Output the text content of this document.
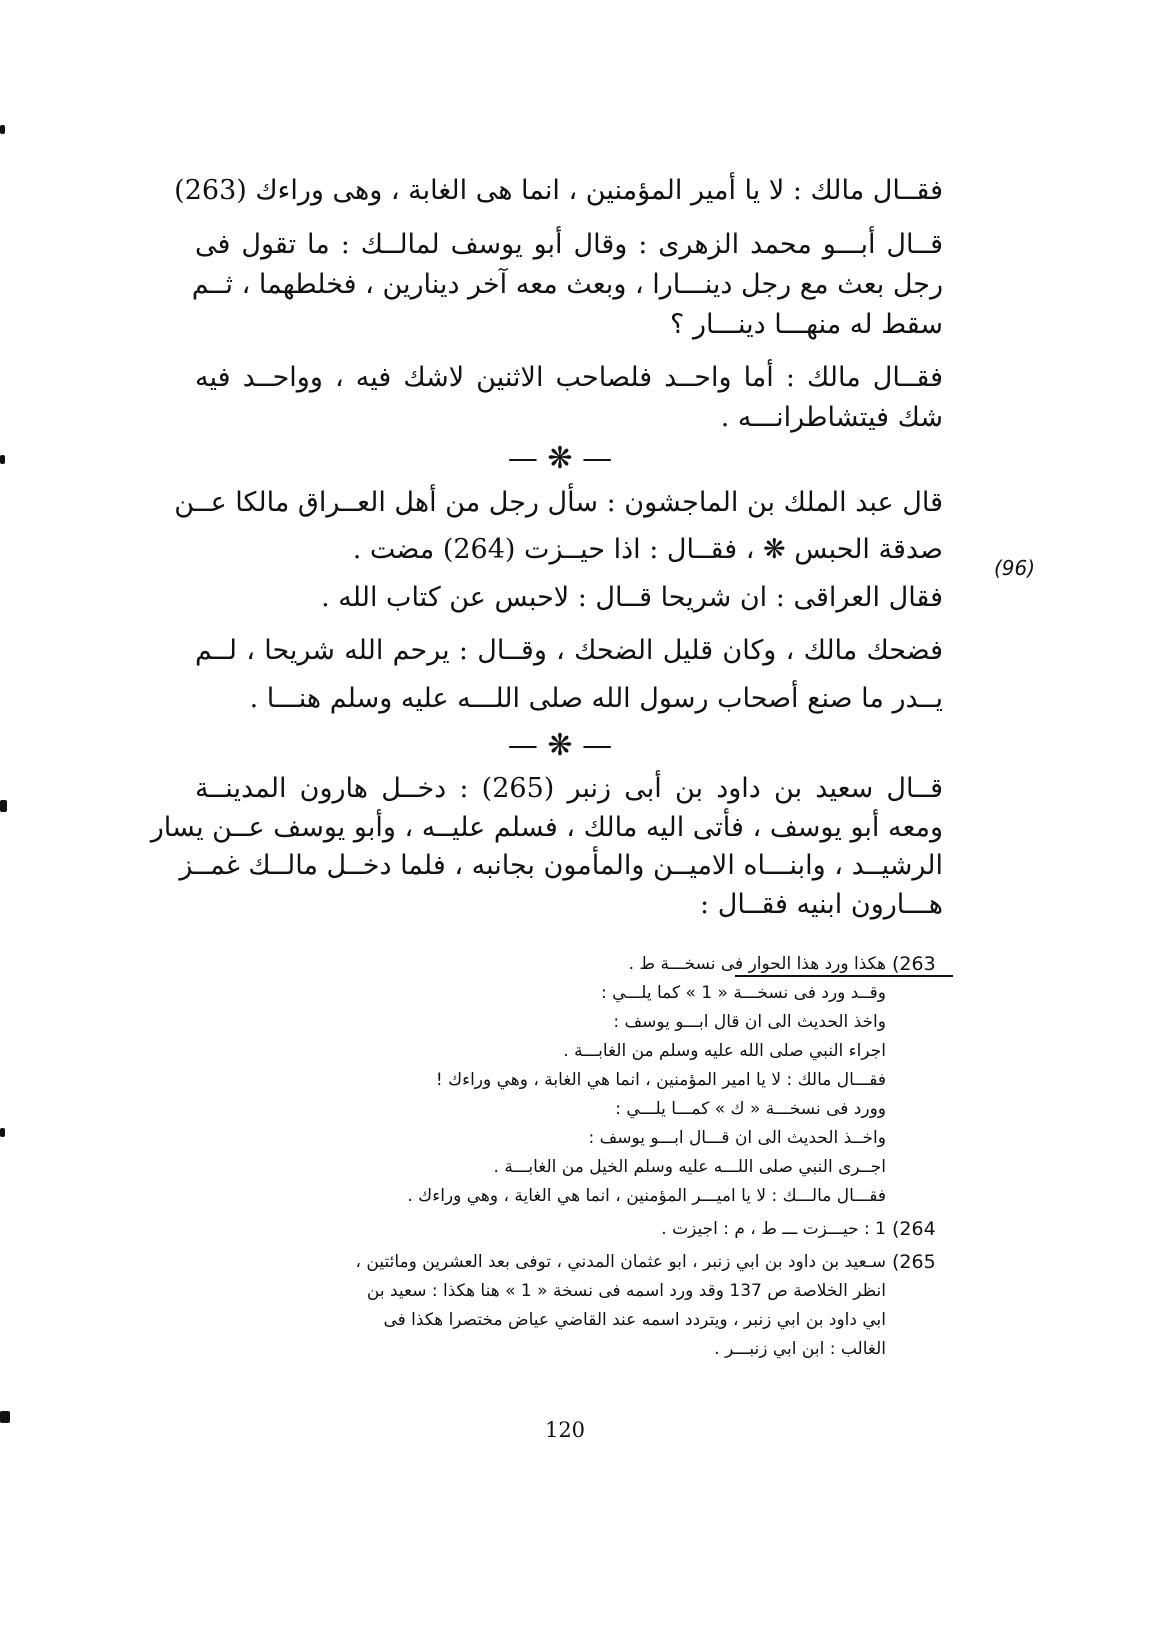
فقــال مالك : لا يا أمير المؤمنين ، انما هى الغابة ، وهى وراءك (263)
قــال أبـــو محمد الزهرى : وقال أبو يوسف لمالــك : ما تقول فى
رجل بعث مع رجل دينـــارا ، وبعث معه آخر دينارين ، فخلطهما ، ثــم
سقط له منهـــا دينـــار ؟
فقــال مالك : أما واحــد فلصاحب الاثنين لاشك فيه ، وواحــد فيه
شك فيتشاطرانـــه .
— ❋ —
قال عبد الملك بن الماجشون : سأل رجل من أهل العــراق مالكا عــن
صدقة الحبس ❋ ، فقــال : اذا حيــزت (264) مضت .
(96)
فقال العراقى : ان شريحا قــال : لاحبس عن كتاب الله .
فضحك مالك ، وكان قليل الضحك ، وقــال : يرحم الله شريحا ، لــم
يــدر ما صنع أصحاب رسول الله صلى اللـــه عليه وسلم هنـــا .
— ❋ —
قــال سعيد بن داود بن أبى زنبر (265) : دخــل هارون المدينــة
ومعه أبو يوسف ، فأتى اليه مالك ، فسلم عليــه ، وأبو يوسف عــن يسار
الرشيــد ، وابنـــاه الاميــن والمأمون بجانبه ، فلما دخــل مالــك غمــز
هـــارون ابنيه فقــال :
(263
هكذا ورد هذا الحوار فى نسخـــة ط .
وقــد ورد فى نسخـــة « 1 » كما يلـــي :
واخذ الحديث الى ان قال ابـــو يوسف :
اجراء النبي صلى الله عليه وسلم من الغابـــة .
فقـــال مالك : لا يا امير المؤمنين ، انما هي الغابة ، وهي وراءك !
وورد فى نسخـــة « ك » كمـــا يلـــي :
واخــذ الحديث الى ان قـــال ابـــو يوسف :
اجــرى النبي صلى اللـــه عليه وسلم الخيل من الغابـــة .
فقـــال مالـــك : لا يا اميـــر المؤمنين ، انما هي الغاية ، وهي وراءك .
(264
1 : حيـــزت ـــ ط ، م : اجيزت .
(265
سـعيد بن داود بن ابي زنبر ، ابو عثمان المدني ، توفى بعد العشرين ومائتين ،
انظر الخلاصة ص 137 وقد ورد اسمه فى نسخة « 1 » هنا هكذا : سعيد بن
ابي داود بن ابي زنبر ، ويتردد اسمه عند القاضي عياض مختصرا هكذا فى
الغالب : ابن ابي زنبـــر .
120
